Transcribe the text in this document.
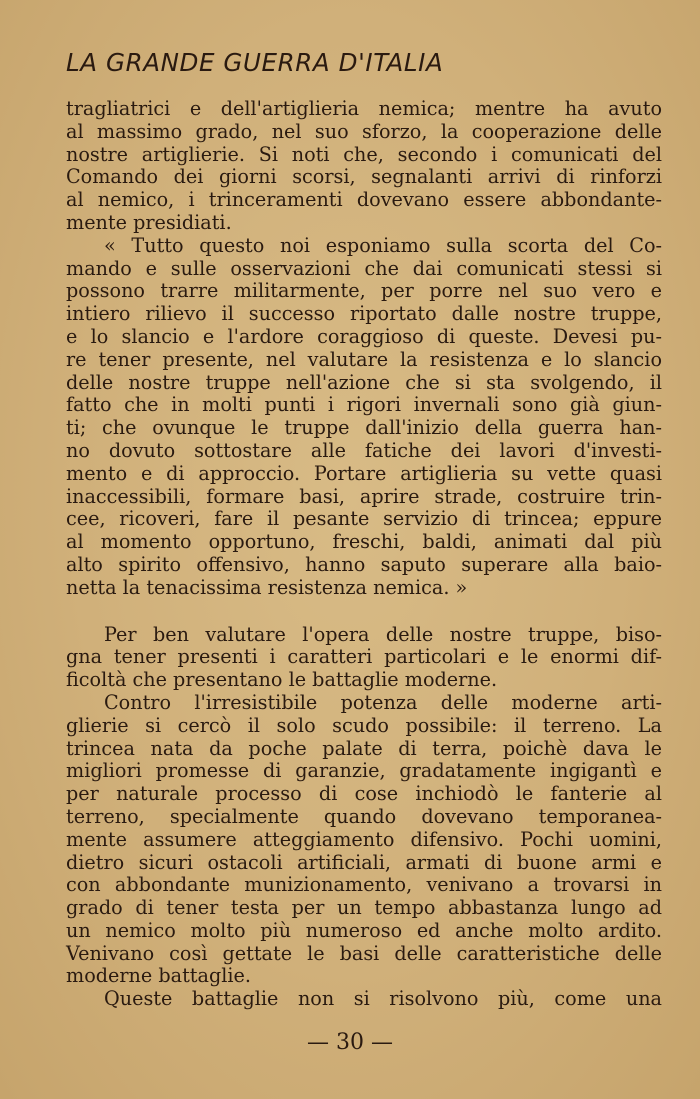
LA GRANDE GUERRA D'ITALIA
tragliatrici e dell'artiglieria nemica; mentre ha avuto
al massimo grado, nel suo sforzo, la cooperazione delle
nostre artiglierie. Si noti che, secondo i comunicati del
Comando dei giorni scorsi, segnalanti arrivi di rinforzi
al nemico, i trinceramenti dovevano essere abbondante-
mente presidiati.
« Tutto questo noi esponiamo sulla scorta del Co-
mando e sulle osservazioni che dai comunicati stessi si
possono trarre militarmente, per porre nel suo vero e
intiero rilievo il successo riportato dalle nostre truppe,
e lo slancio e l'ardore coraggioso di queste. Devesi pu-
re tener presente, nel valutare la resistenza e lo slancio
delle nostre truppe nell'azione che si sta svolgendo, il
fatto che in molti punti i rigori invernali sono già giun-
ti; che ovunque le truppe dall'inizio della guerra han-
no dovuto sottostare alle fatiche dei lavori d'investi-
mento e di approccio. Portare artiglieria su vette quasi
inaccessibili, formare basi, aprire strade, costruire trin-
cee, ricoveri, fare il pesante servizio di trincea; eppure
al momento opportuno, freschi, baldi, animati dal più
alto spirito offensivo, hanno saputo superare alla baio-
netta la tenacissima resistenza nemica. »
Per ben valutare l'opera delle nostre truppe, biso-
gna tener presenti i caratteri particolari e le enormi dif-
ficoltà che presentano le battaglie moderne.
Contro l'irresistibile potenza delle moderne arti-
glierie si cercò il solo scudo possibile: il terreno. La
trincea nata da poche palate di terra, poichè dava le
migliori promesse di garanzie, gradatamente ingigantì e
per naturale processo di cose inchiodò le fanterie al
terreno, specialmente quando dovevano temporanea-
mente assumere atteggiamento difensivo. Pochi uomini,
dietro sicuri ostacoli artificiali, armati di buone armi e
con abbondante munizionamento, venivano a trovarsi in
grado di tener testa per un tempo abbastanza lungo ad
un nemico molto più numeroso ed anche molto ardito.
Venivano così gettate le basi delle caratteristiche delle
moderne battaglie.
Queste battaglie non si risolvono più, come una
— 30 —
